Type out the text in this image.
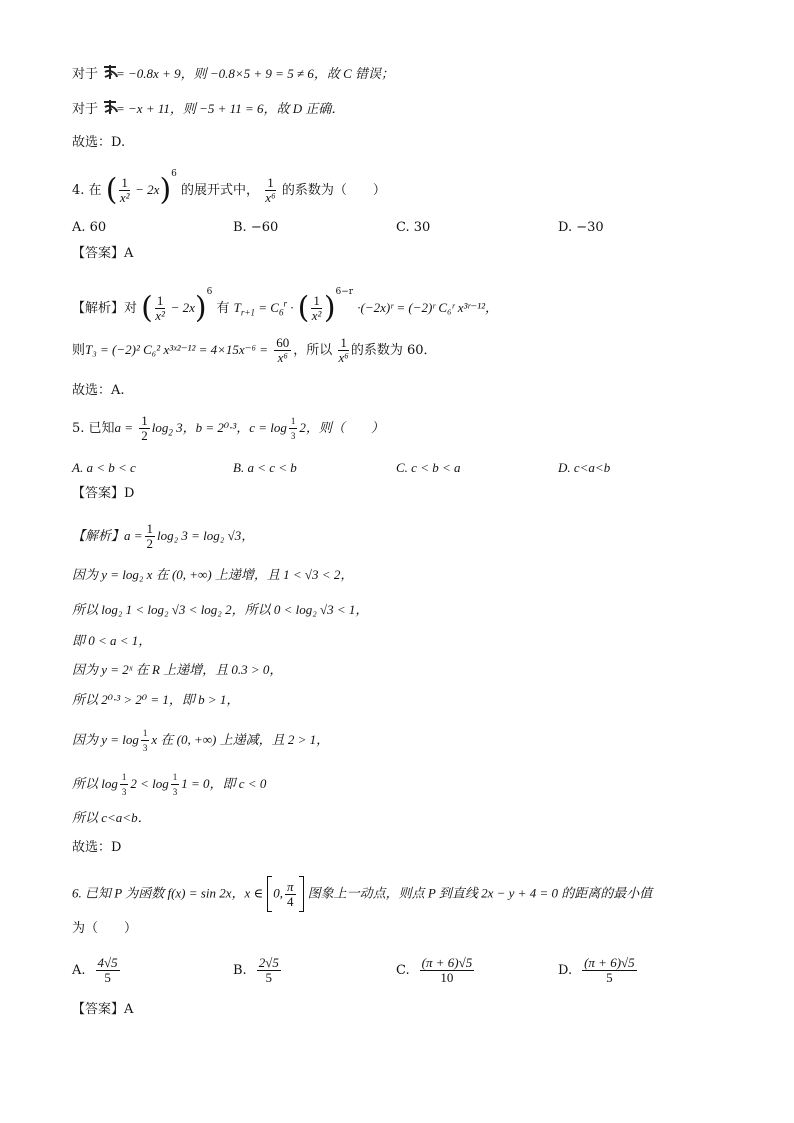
对于 = −0.8x + 9，则 −0.8×5 + 9 = 5 ≠ 6，故 C 错误；
对于 = −x + 11，则 −5 + 11 = 6，故 D 正确．
故选：D.
4. 在 ( $\frac{1}{\text{x²}} - 2x)^6$ 的展开式中， $\frac{1}{\text{x⁶}}$ 的系数为（　　）
A. 60	B. −60	C. 30	D. −30
【答案】A
【解析】对 ( $\frac{1}{\text{x²}} - 2x)^6$ 有 $T_{r+1} = C_6^r$ · ( $\frac{1}{\text{x²}} )^{6-r}$ ·(−2x)ʳ = (−2)ʳ C₆ʳ x³ʳ⁻¹²，
则T₃ = (−2)² C₆² x³ˣ²⁻¹² = $4\times 15x^{-6} = \frac{60}{\text{x⁶}}$ ，所以 $\frac{1}{\text{x⁶}}$ 的系数为 60．
故选：A.
5. 已知$a = \frac{1}{2} \log_2 3$，b = 2⁰·³，$c = \log \frac{1}{3} 2$，则（　　）
A. a < b < c	B. a < c < b	C. c < b < a	D. c<a<b
【答案】D
【解析】$a = \frac{1}{2} \log_2$ 3 = log₂ √3，
因为 y = log₂ x 在 (0, +∞) 上递增，且 1 < √3 < 2，
所以 log₂ 1 < log₂ √3 < log₂ 2，所以 0 < log₂ √3 < 1，
即 0 < a < 1，
因为 y = 2ˣ 在 R 上递增，且 0.3 > 0，
所以 2⁰·³ > 2⁰ = 1，即 b > 1，
因为 $y = \log \frac{1}{3}$ x 在 (0, +∞) 上递减，且 2 > 1，
所以 $\log \frac{1}{3} 2 < \log \frac{1}{3} 1 = 0$，即 c < 0
所以 c<a<b．
故选：D
6. 已知 P 为函数 f(x) = sin 2x，x ∈ 0, $\frac{\pi}{4}$ 图象上一动点，则点 P 到直线 2x − y + 4 = 0 的距离的最小值
为（　　）
A. $\frac{4√5}{5}$	B. $\frac{2√5}{5}$	C. $\frac{(\pi + 6)√5}{10}$	D. $\frac{(\pi + 6)√5}{5}$
【答案】A
